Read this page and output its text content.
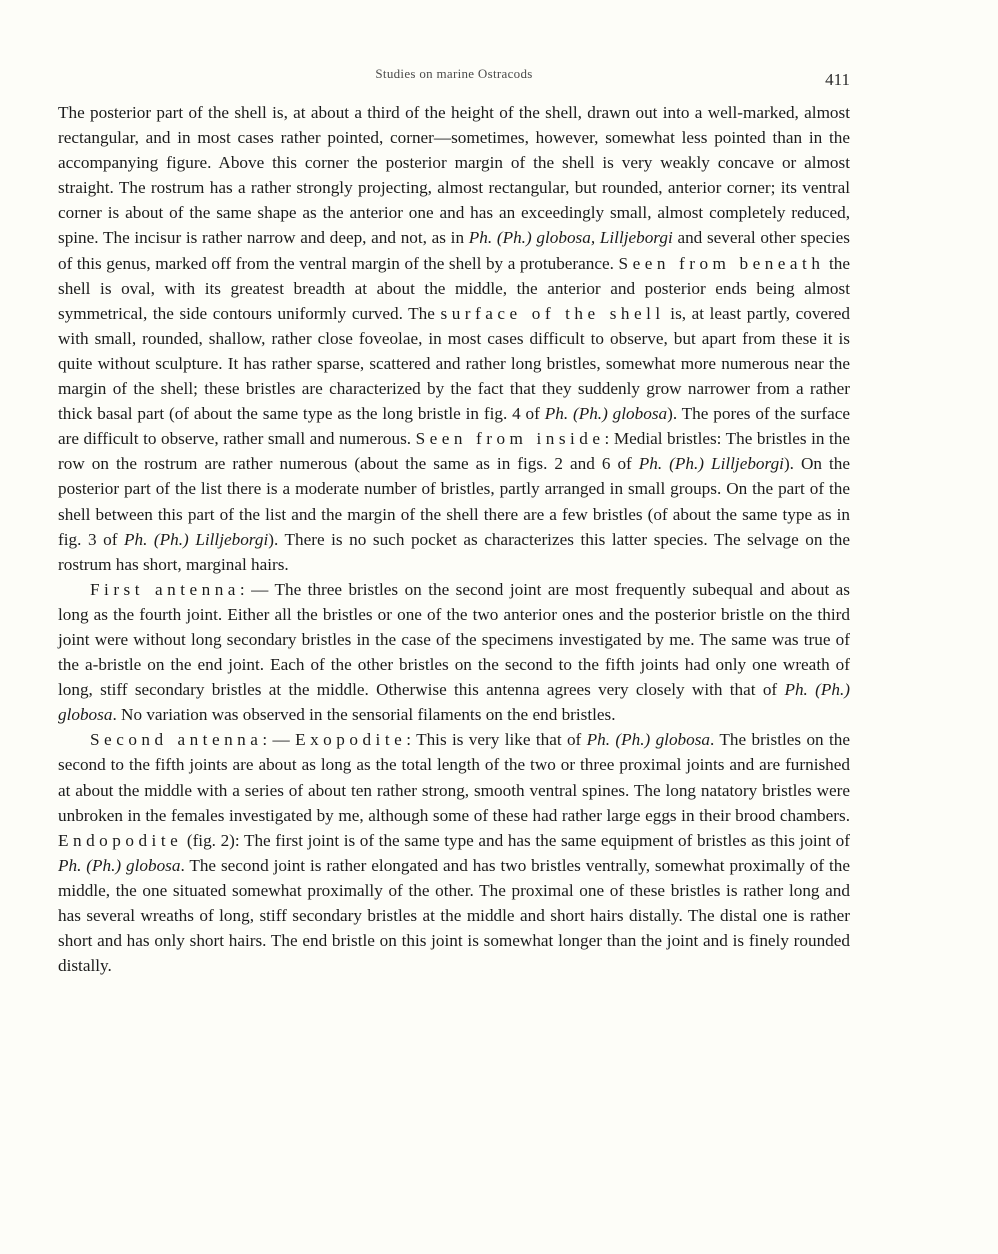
Studies on marine Ostracods	411

The posterior part of the shell is, at about a third of the height of the shell, drawn out into a well-marked, almost rectangular, and in most cases rather pointed, corner—sometimes, however, somewhat less pointed than in the accompanying figure. Above this corner the posterior margin of the shell is very weakly concave or almost straight. The rostrum has a rather strongly projecting, almost rectangular, but rounded, anterior corner; its ventral corner is about of the same shape as the anterior one and has an exceedingly small, almost completely reduced, spine. The incisur is rather narrow and deep, and not, as in Ph. (Ph.) globosa, Lilljeborgi and several other species of this genus, marked off from the ventral margin of the shell by a protuberance. Seen from beneath the shell is oval, with its greatest breadth at about the middle, the anterior and posterior ends being almost symmetrical, the side contours uniformly curved. The surface of the shell is, at least partly, covered with small, rounded, shallow, rather close foveolae, in most cases difficult to observe, but apart from these it is quite without sculpture. It has rather sparse, scattered and rather long bristles, somewhat more numerous near the margin of the shell; these bristles are characterized by the fact that they suddenly grow narrower from a rather thick basal part (of about the same type as the long bristle in fig. 4 of Ph. (Ph.) globosa). The pores of the surface are difficult to observe, rather small and numerous. Seen from inside: Medial bristles: The bristles in the row on the rostrum are rather numerous (about the same as in figs. 2 and 6 of Ph. (Ph.) Lilljeborgi). On the posterior part of the list there is a moderate number of bristles, partly arranged in small groups. On the part of the shell between this part of the list and the margin of the shell there are a few bristles (of about the same type as in fig. 3 of Ph. (Ph.) Lilljeborgi). There is no such pocket as characterizes this latter species. The selvage on the rostrum has short, marginal hairs.

First antenna: — The three bristles on the second joint are most frequently subequal and about as long as the fourth joint. Either all the bristles or one of the two anterior ones and the posterior bristle on the third joint were without long secondary bristles in the case of the specimens investigated by me. The same was true of the a-bristle on the end joint. Each of the other bristles on the second to the fifth joints had only one wreath of long, stiff secondary bristles at the middle. Otherwise this antenna agrees very closely with that of Ph. (Ph.) globosa. No variation was observed in the sensorial filaments on the end bristles.

Second antenna: — Exopodite: This is very like that of Ph. (Ph.) globosa. The bristles on the second to the fifth joints are about as long as the total length of the two or three proximal joints and are furnished at about the middle with a series of about ten rather strong, smooth ventral spines. The long natatory bristles were unbroken in the females investigated by me, although some of these had rather large eggs in their brood chambers. Endopodite (fig. 2): The first joint is of the same type and has the same equipment of bristles as this joint of Ph. (Ph.) globosa. The second joint is rather elongated and has two bristles ventrally, somewhat proximally of the middle, the one situated somewhat proximally of the other. The proximal one of these bristles is rather long and has several wreaths of long, stiff secondary bristles at the middle and short hairs distally. The distal one is rather short and has only short hairs. The end bristle on this joint is somewhat longer than the joint and is finely rounded distally.
